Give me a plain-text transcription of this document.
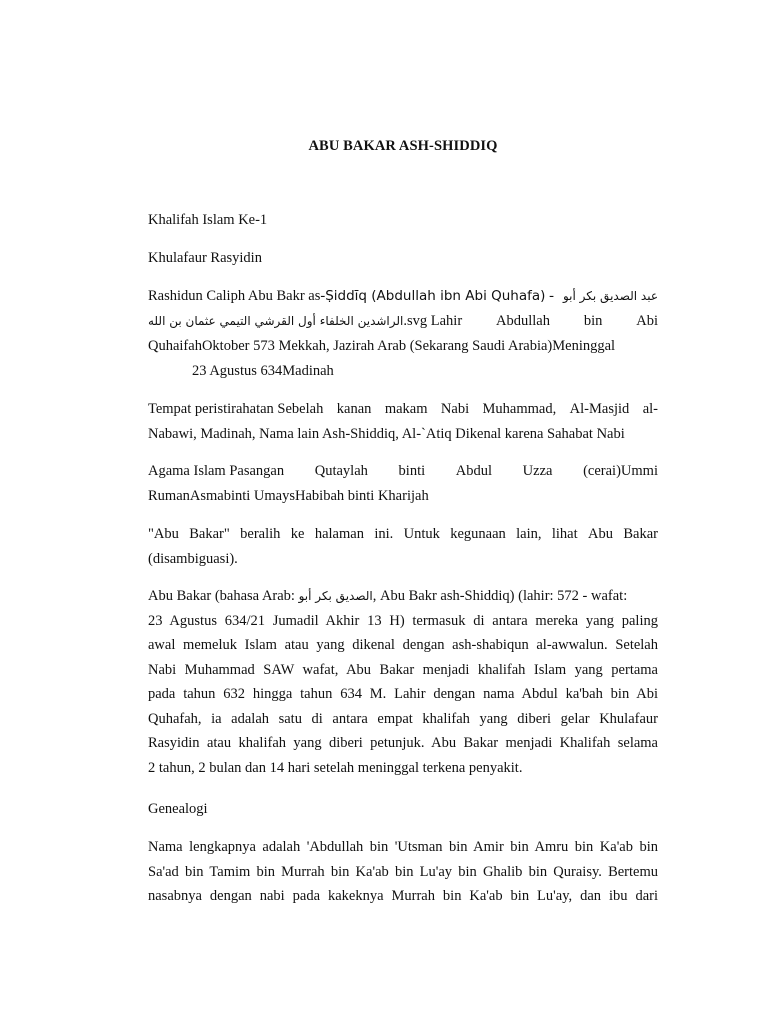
ABU BAKAR ASH-SHIDDIQ
Khalifah Islam Ke-1
Khulafaur Rasyidin
Rashidun Caliph Abu Bakr as-Ṣiddīq (Abdullah ibn Abi Quhafa) - عبد الصديق بكر أبو
الراشدين الخلفاء أول القرشي التيمي عثمان بن الله.svg Lahir Abdullah bin Abi
QuhaifahOktober 573 Mekkah, Jazirah Arab (Sekarang Saudi Arabia)Meninggal
23 Agustus 634Madinah
Tempat peristirahatan Sebelah kanan makam Nabi Muhammad, Al-Masjid al-
Nabawi, Madinah, Nama lain Ash-Shiddiq, Al-`Atiq Dikenal karena Sahabat Nabi
Agama Islam Pasangan Qutaylah binti Abdul Uzza (cerai)Ummi
RumanAsmabinti UmaysHabibah binti Kharijah
"Abu Bakar" beralih ke halaman ini. Untuk kegunaan lain, lihat Abu Bakar
(disambiguasi).
Abu Bakar (bahasa Arab: الصديق بكر أبو, Abu Bakr ash-Shiddiq) (lahir: 572 - wafat:
23 Agustus 634/21 Jumadil Akhir 13 H) termasuk di antara mereka yang paling
awal memeluk Islam atau yang dikenal dengan ash-shabiqun al-awwalun. Setelah
Nabi Muhammad SAW wafat, Abu Bakar menjadi khalifah Islam yang pertama
pada tahun 632 hingga tahun 634 M. Lahir dengan nama Abdul ka'bah bin Abi
Quhafah, ia adalah satu di antara empat khalifah yang diberi gelar Khulafaur
Rasyidin atau khalifah yang diberi petunjuk. Abu Bakar menjadi Khalifah selama
2 tahun, 2 bulan dan 14 hari setelah meninggal terkena penyakit.
Genealogi
Nama lengkapnya adalah 'Abdullah bin 'Utsman bin Amir bin Amru bin Ka'ab bin
Sa'ad bin Tamim bin Murrah bin Ka'ab bin Lu'ay bin Ghalib bin Quraisy. Bertemu
nasabnya dengan nabi pada kakeknya Murrah bin Ka'ab bin Lu'ay, dan ibu dari
